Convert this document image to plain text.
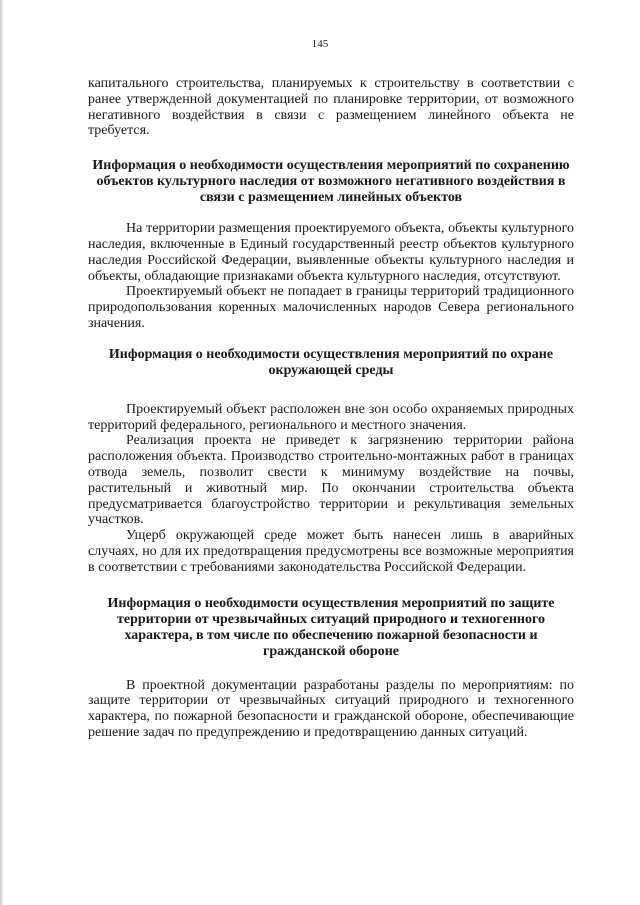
145

капитального строительства, планируемых к строительству в соответствии с ранее утвержденной документацией по планировке территории, от возможного негативного воздействия в связи с размещением линейного объекта не требуется.

Информация о необходимости осуществления мероприятий по сохранению объектов культурного наследия от возможного негативного воздействия в связи с размещением линейных объектов

На территории размещения проектируемого объекта, объекты культурного наследия, включенные в Единый государственный реестр объектов культурного наследия Российской Федерации, выявленные объекты культурного наследия и объекты, обладающие признаками объекта культурного наследия, отсутствуют.

Проектируемый объект не попадает в границы территорий традиционного природопользования коренных малочисленных народов Севера регионального значения.

Информация о необходимости осуществления мероприятий по охране окружающей среды

Проектируемый объект расположен вне зон особо охраняемых природных территорий федерального, регионального и местного значения.

Реализация проекта не приведет к загрязнению территории района расположения объекта. Производство строительно-монтажных работ в границах отвода земель, позволит свести к минимуму воздействие на почвы, растительный и животный мир. По окончании строительства объекта предусматривается благоустройство территории и рекультивация земельных участков.

Ущерб окружающей среде может быть нанесен лишь в аварийных случаях, но для их предотвращения предусмотрены все возможные мероприятия в соответствии с требованиями законодательства Российской Федерации.

Информация о необходимости осуществления мероприятий по защите территории от чрезвычайных ситуаций природного и техногенного характера, в том числе по обеспечению пожарной безопасности и гражданской обороне

В проектной документации разработаны разделы по мероприятиям: по защите территории от чрезвычайных ситуаций природного и техногенного характера, по пожарной безопасности и гражданской обороне, обеспечивающие решение задач по предупреждению и предотвращению данных ситуаций.
